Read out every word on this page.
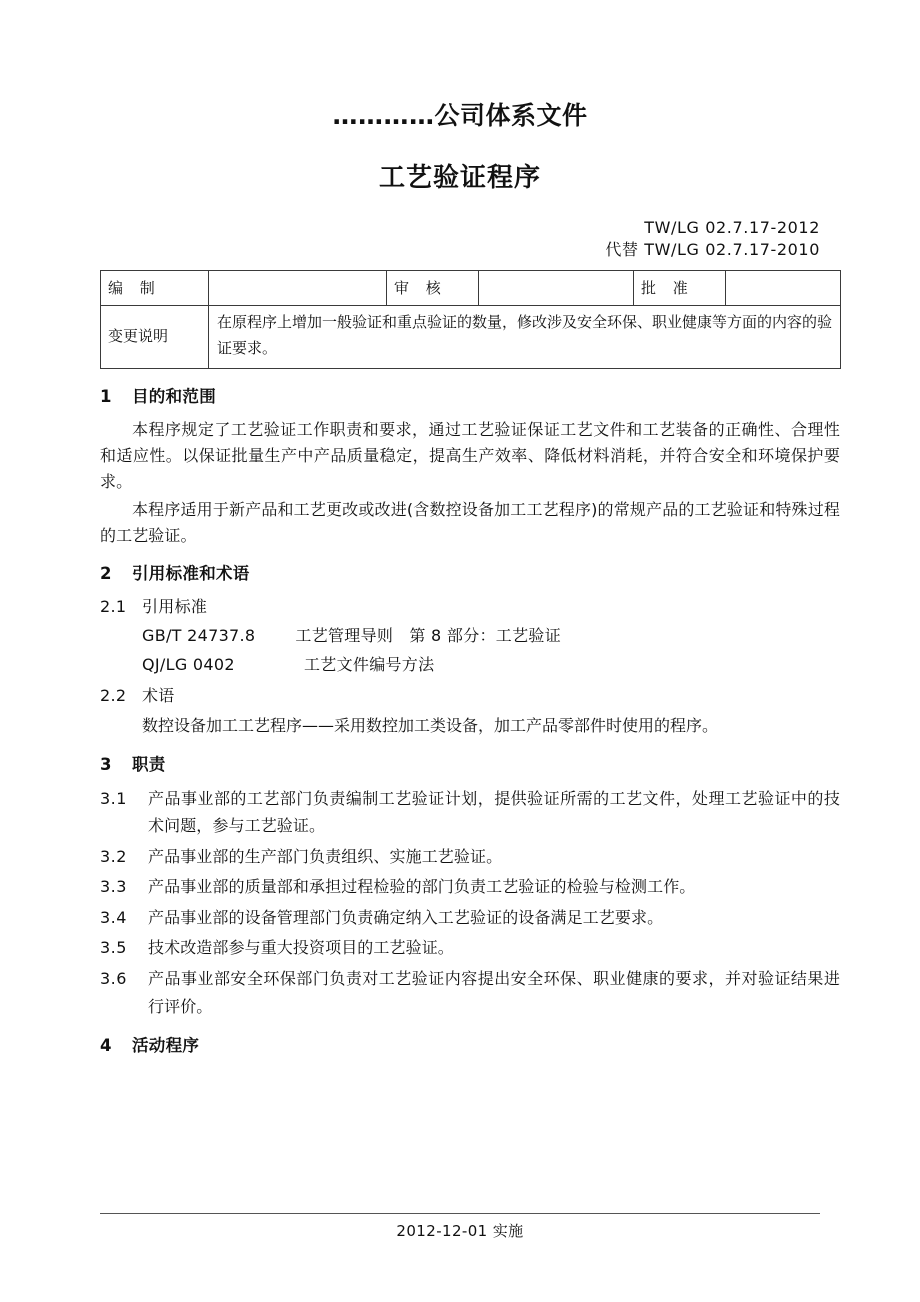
…………公司体系文件
工艺验证程序
TW/LG 02.7.17-2012
代替 TW/LG 02.7.17-2010
编 制		审 核		批 准	
变更说明	在原程序上增加一般验证和重点验证的数量，修改涉及安全环保、职业健康等方面的内容的验证要求。				
1 目的和范围

本程序规定了工艺验证工作职责和要求，通过工艺验证保证工艺文件和工艺装备的正确性、合理性和适应性。以保证批量生产中产品质量稳定，提高生产效率、降低材料消耗，并符合安全和环境保护要求。

本程序适用于新产品和工艺更改或改进(含数控设备加工工艺程序)的常规产品的工艺验证和特殊过程的工艺验证。

2 引用标准和术语
2.1 引用标准
GB/T 24737.8	工艺管理导则   第 8 部分：工艺验证
QJ/LG 0402	工艺文件编号方法
2.2 术语
数控设备加工工艺程序——采用数控加工类设备，加工产品零部件时使用的程序。
3 职责
3.1 产品事业部的工艺部门负责编制工艺验证计划，提供验证所需的工艺文件，处理工艺验证中的技术问题，参与工艺验证。
3.2 产品事业部的生产部门负责组织、实施工艺验证。
3.3 产品事业部的质量部和承担过程检验的部门负责工艺验证的检验与检测工作。
3.4 产品事业部的设备管理部门负责确定纳入工艺验证的设备满足工艺要求。
3.5 技术改造部参与重大投资项目的工艺验证。
3.6 产品事业部安全环保部门负责对工艺验证内容提出安全环保、职业健康的要求，并对验证结果进行评价。
4 活动程序
2012-12-01 实施
